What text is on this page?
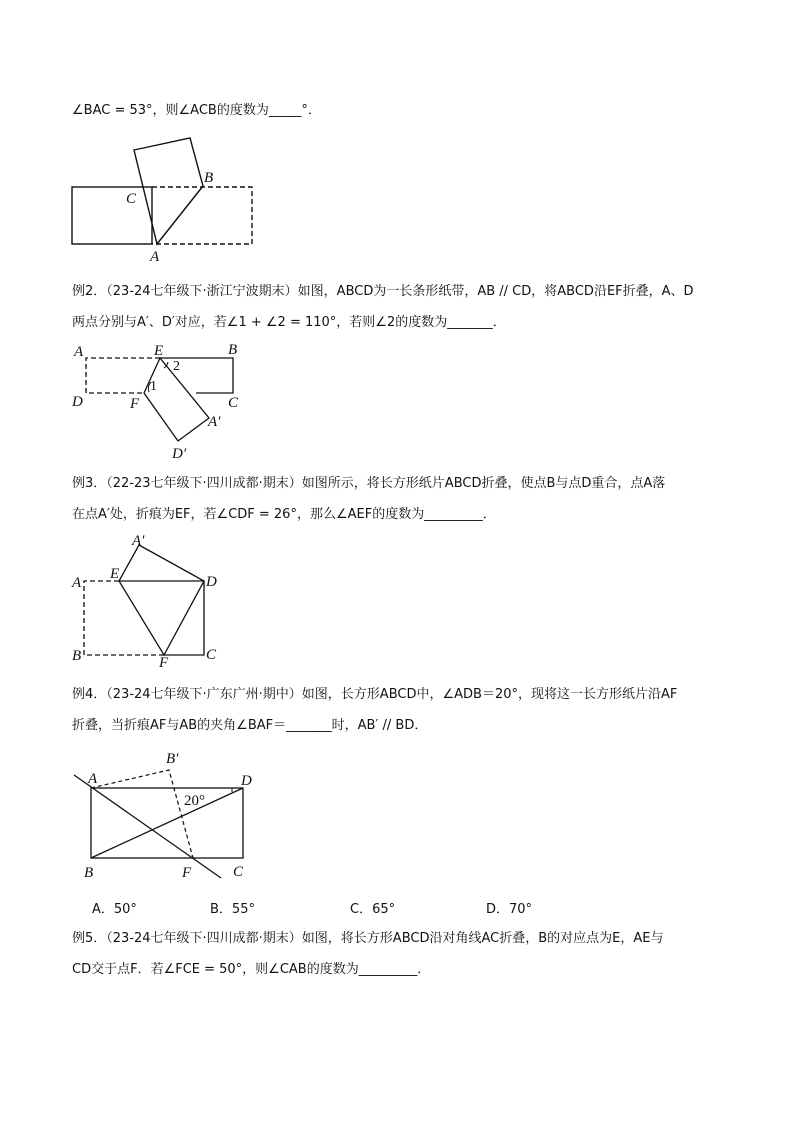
∠BAC = 53°，则∠ACB的度数为_____°．
B
C
A
例2．（23-24七年级下·浙江宁波期末）如图，ABCD为一长条形纸带，AB // CD，将ABCD沿EF折叠，A、D
两点分别与A′、D′对应，若∠1 + ∠2 = 110°，若则∠2的度数为_______．
A	E	B
D	F	C
A′
D′
1
2
例3．（22-23七年级下·四川成都·期末）如图所示，将长方形纸片ABCD折叠，使点B与点D重合，点A落
在点A′处，折痕为EF，若∠CDF = 26°，那么∠AEF的度数为_________．
A′
A
E	D
B	F	C
例4．（23-24七年级下·广东广州·期中）如图，长方形ABCD中，∠ADB＝20°，现将这一长方形纸片沿AF
折叠，当折痕AF与AB的夹角∠BAF＝_______时，AB′ // BD．
B′
A	D
20°
B	F	C
A．50°	B．55°	C．65°	D．70°
例5．（23-24七年级下·四川成都·期末）如图，将长方形ABCD沿对角线AC折叠，B的对应点为E，AE与
CD交于点F．若∠FCE = 50°，则∠CAB的度数为_________．
